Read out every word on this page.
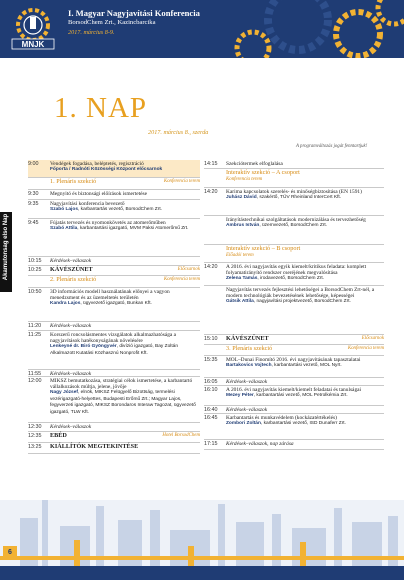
MNJK
I. Magyar Nagyjavítási Konferencia
BorsodChem Zrt., Kazincbarcika
2017. március 8-9.
1. NAP
2017. március 8., szerda
A programváltozás jogát fenntartjuk!
Akamutonsag elso Nap
9:00	Vendégek fogadása, beléptetés, regisztráció
Főporta / Radnóti Közösségi Központ előcsarnok
1. Plenáris szekció	Konferencia terem
9:30	Megnyitó és biztonsági előírások ismertetése
9:35	Nagyjavítási konferencia bevezető
Szabó Lajos, karbantartás vezető, BorsodChem Zrt.
9:45	Fújatás tervezés és nyomonkövetés az atomerőműben
Szabó Attila, karbantartási igazgató, MVM Paksi Atomerőmű Zrt.
10:15	Kérdések–válaszok
10:25	KÁVÉSZÜNET	Előcsarnok
2. Plenáris szekció	Konferencia terem
10:50	3D információs modell használatának előnyei a vagyon menedzsment és az üzemeltetés területén
Kandra Lajos, ügyvezető igazgató, Bunkan Kft.
11:20	Kérdések–válaszok
11:25	Korszerű roncsolásmentes vizsgálatok alkalmazhatósága a nagyjavítások hatékonyságának növelésére
Lenkeyné dr. Biró Gyöngyvér, divízió igazgató, Bay Zoltán Alkalmazott Kutatási Közhasznú Nonprofit Kft.
11:55	Kérdések–válaszok
12:00	MIKSZ bemutatkozása, stratégiai célok ismertetése, a karbantartó vállalkozások múltja, jelene, jövője
Nagy József, elnök, MIKSZ Felügyelő Bizottság, termelési vezérigazgató-helyettes, Budapesti Erőmű Zrt.; Magyar Lajos, fegyverzeti igazgató, MIKSZ Borondaros Interaw Tagozat, ügyvezető igazgató, TLW Kft.
12:30	Kérdések–válaszok
12:35	EBÉD	Hotel BorsodChem
13:25	KIÁLLÍTÓK MEGTEKINTÉSE
14:15	Szekciótermek elfoglalása
Interaktív szekció – A csoport
Konferencia terem
14:20	Karima kapcsolatok szerelés- és minőségbiztosítása (EN 1591)
Juhász Dávid, szakértő, TÜV Rheinland InterCert Kft.
Irányítástechnikai szolgáltatások modernizálása és tervezhetőség
Ambrus István, üzemvezető, BorsodChem Zrt.
Interaktív szekció – B csoport
Előadói terem
14:20	A 2016. évi nagyjavítás egyik kiemelt/kritikus feladata: komplett folyamatirányító rendszer cseréjének megvalósítása
Zelena Tamás, irodavezető, BorsodChem Zrt.
Nagyjavítás tervezés fejlesztési lehetőségei a BorsodChem Zrt-nél, a modern technológiák bevezetésének lehetősége, képességei
Gátsik Attila, nagyjavítási projektvezető, BorsodChem Zrt.
15:10	KÁVÉSZÜNET	Előcsarnok
3. Plenáris szekció	Konferencia terem
15:35	MOL–Dunai Finomító 2016. évi nagyjavításának tapasztalatai
Bartakovics Vojtech, karbantartási vezető, MOL Nyrt.
16:05	Kérdések–válaszok
16:10	A 2016. évi nagyjavítás kiemelt/kiemelt feladatai és tanulságai
Mezey Péter, karbantartási vezető, MOL Petrolkémia Zrt.
16:40	Kérdések–válaszok
16:45	Karbantartás és munkavédelem (kockázatértékelés)
Zombori Zoltán, karbantartási vezető, ISD Dunaferr Zrt.
17:15	Kérdések–válaszok, nap zárása
6
